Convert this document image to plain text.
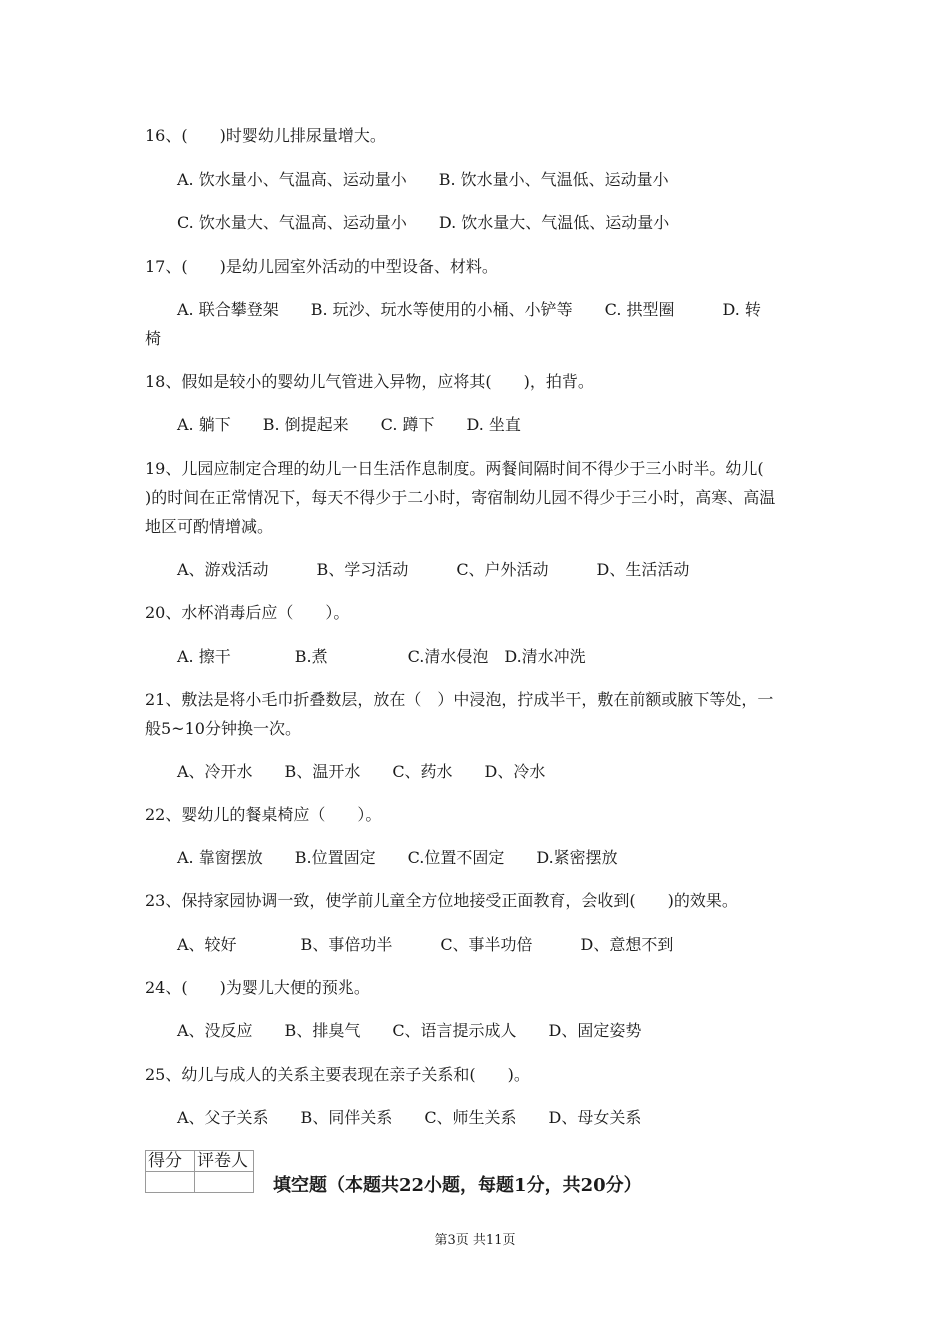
16、(　　)时婴幼儿排尿量增大。
A. 饮水量小、气温高、运动量小　　B. 饮水量小、气温低、运动量小
C. 饮水量大、气温高、运动量小　　D. 饮水量大、气温低、运动量小
17、(　　)是幼儿园室外活动的中型设备、材料。
A. 联合攀登架　　B. 玩沙、玩水等使用的小桶、小铲等　　C. 拱型圈　　　D. 转
椅
18、假如是较小的婴幼儿气管进入异物，应将其(　　)，拍背。
A. 躺下　　B. 倒提起来　　C. 蹲下　　D. 坐直
19、儿园应制定合理的幼儿一日生活作息制度。两餐间隔时间不得少于三小时半。幼儿(
)的时间在正常情况下，每天不得少于二小时，寄宿制幼儿园不得少于三小时，高寒、高温
地区可酌情增减。
A、游戏活动　　　B、学习活动　　　C、户外活动　　　D、生活活动
20、水杯消毒后应（　　）。
A. 擦干　　　　B.煮　　　　　C.清水侵泡　D.清水冲洗
21、敷法是将小毛巾折叠数层，放在（　）中浸泡，拧成半干，敷在前额或腋下等处，一
般5~10分钟换一次。
A、冷开水　　B、温开水　　C、药水　　D、冷水
22、婴幼儿的餐桌椅应（　　）。
A. 靠窗摆放　　B.位置固定　　C.位置不固定　　D.紧密摆放
23、保持家园协调一致，使学前儿童全方位地接受正面教育，会收到(　　)的效果。
A、较好　　　　B、事倍功半　　　C、事半功倍　　　D、意想不到
24、(　　)为婴儿大便的预兆。
A、没反应　　B、排臭气　　C、语言提示成人　　D、固定姿势
25、幼儿与成人的关系主要表现在亲子关系和(　　)。
A、父子关系　　B、同伴关系　　C、师生关系　　D、母女关系
得分	评卷人

填空题（本题共22小题，每题1分，共20分）
第3页 共11页
